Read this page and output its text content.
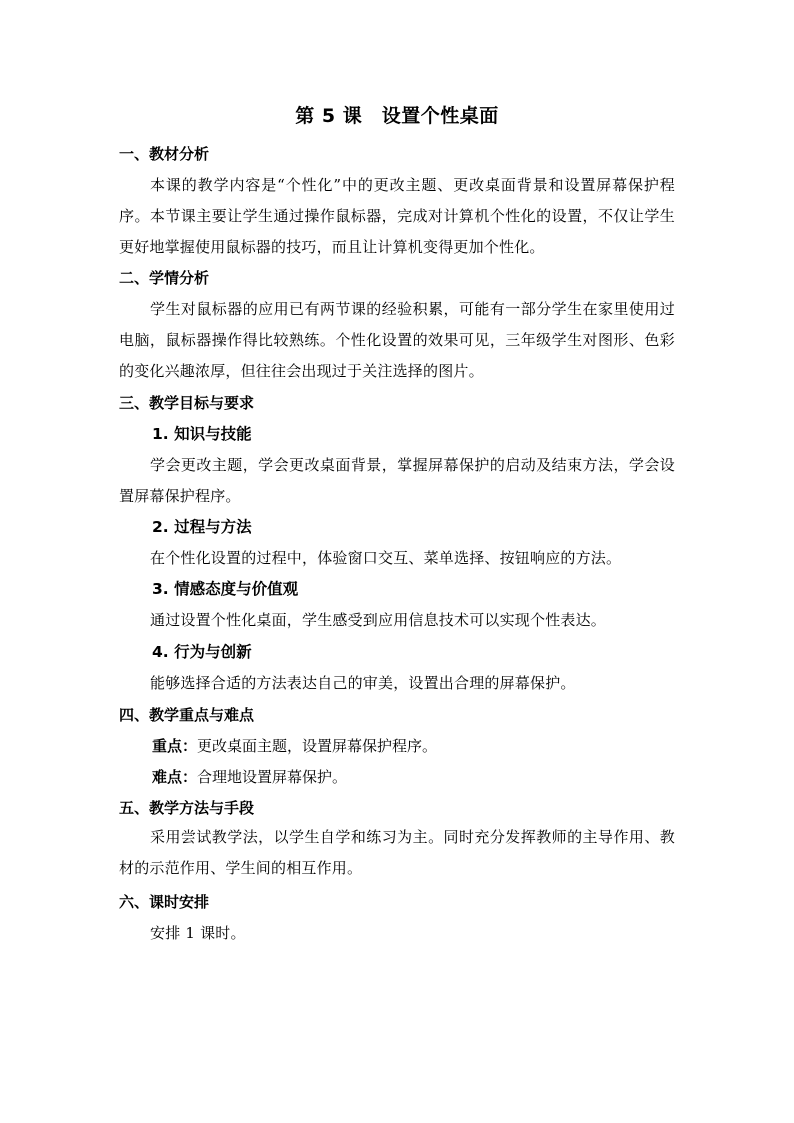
第 5 课　设置个性桌面
一、教材分析
本课的教学内容是“个性化”中的更改主题、更改桌面背景和设置屏幕保护程序。本节课主要让学生通过操作鼠标器，完成对计算机个性化的设置，不仅让学生更好地掌握使用鼠标器的技巧，而且让计算机变得更加个性化。
二、学情分析
学生对鼠标器的应用已有两节课的经验积累，可能有一部分学生在家里使用过电脑，鼠标器操作得比较熟练。个性化设置的效果可见，三年级学生对图形、色彩的变化兴趣浓厚，但往往会出现过于关注选择的图片。
三、教学目标与要求
1. 知识与技能
学会更改主题，学会更改桌面背景，掌握屏幕保护的启动及结束方法，学会设置屏幕保护程序。
2. 过程与方法
在个性化设置的过程中，体验窗口交互、菜单选择、按钮响应的方法。
3. 情感态度与价值观
通过设置个性化桌面，学生感受到应用信息技术可以实现个性表达。
4. 行为与创新
能够选择合适的方法表达自己的审美，设置出合理的屏幕保护。
四、教学重点与难点
重点：更改桌面主题，设置屏幕保护程序。
难点：合理地设置屏幕保护。
五、教学方法与手段
采用尝试教学法，以学生自学和练习为主。同时充分发挥教师的主导作用、教材的示范作用、学生间的相互作用。
六、课时安排
安排 1 课时。
